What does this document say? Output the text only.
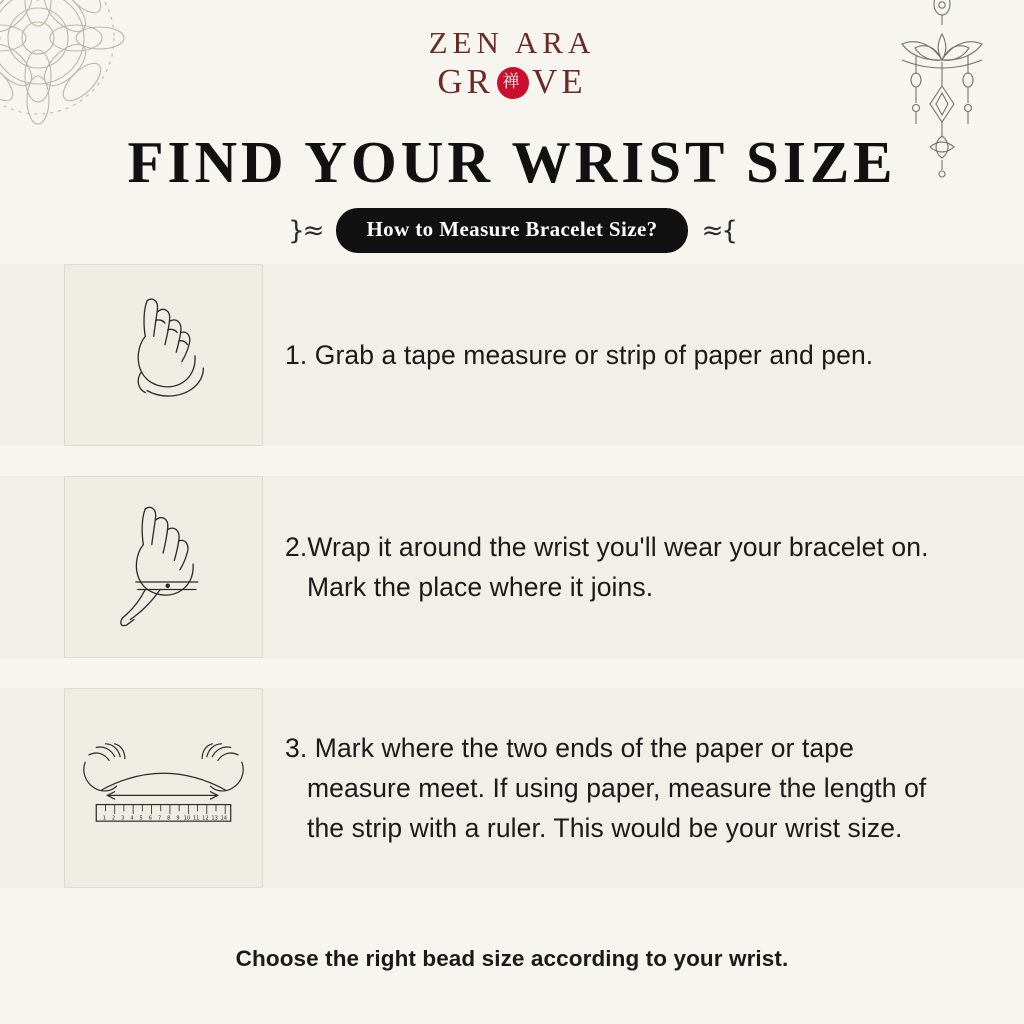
ZEN ARA
GR 禅 VE
FIND YOUR WRIST SIZE
}≈	How to Measure Bracelet Size?	≈{
1. Grab a tape measure or strip of paper and pen.
2.Wrap it around the wrist you'll wear your bracelet on. Mark the place where it joins.
1 2 3 4 5 6 7 8 9 10 11 12 13 14
3. Mark where the two ends of the paper or tape measure meet. If using paper, measure the length of the strip with a ruler. This would be your wrist size.
Choose the right bead size according to your wrist.
